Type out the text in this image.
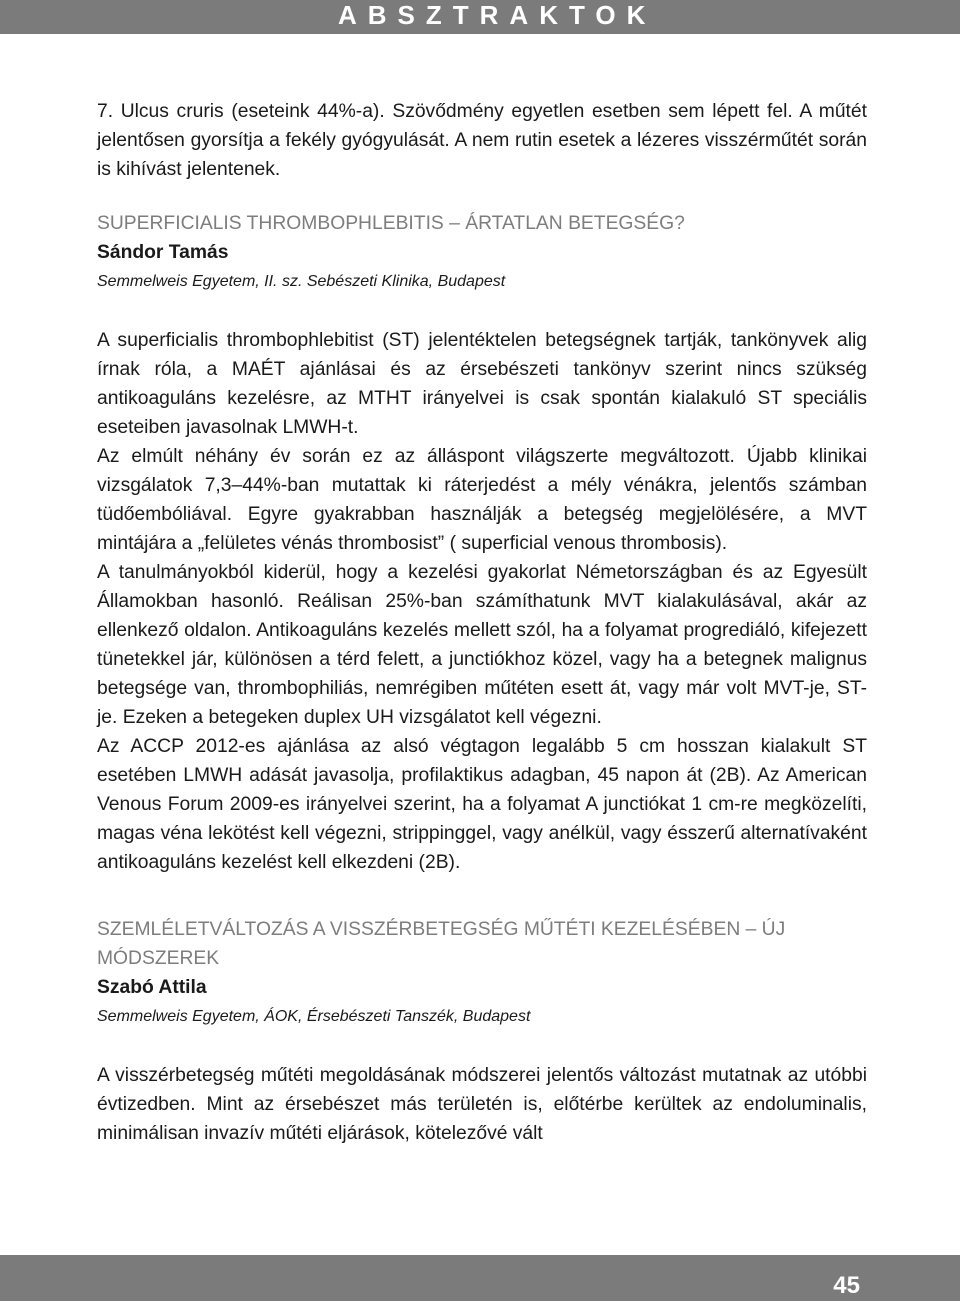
ABSZTRAKTOK

7. Ulcus cruris (eseteink 44%-a). Szövődmény egyetlen esetben sem lépett fel. A műtét jelentősen gyorsítja a fekély gyógyulását. A nem rutin esetek a lézeres visszérműtét során is kihívást jelentenek.

SUPERFICIALIS THROMBOPHLEBITIS – ÁRTATLAN BETEGSÉG?

Sándor Tamás

Semmelweis Egyetem, II. sz. Sebészeti Klinika, Budapest

A superficialis thrombophlebitist (ST) jelentéktelen betegségnek tartják, tankönyvek alig írnak róla, a MAÉT ajánlásai és az érsebészeti tankönyv szerint nincs szükség antikoaguláns kezelésre, az MTHT irányelvei is csak spontán kialakuló ST speciális eseteiben javasolnak LMWH-t.

Az elmúlt néhány év során ez az álláspont világszerte megváltozott. Újabb klinikai vizsgálatok 7,3–44%-ban mutattak ki ráterjedést a mély vénákra, jelentős számban tüdőembóliával. Egyre gyakrabban használják a betegség megjelölésére, a MVT mintájára a „felületes vénás thrombosist” ( superficial venous thrombosis).

A tanulmányokból kiderül, hogy a kezelési gyakorlat Németországban és az Egyesült Államokban hasonló. Reálisan 25%-ban számíthatunk MVT kialakulásával, akár az ellenkező oldalon. Antikoaguláns kezelés mellett szól, ha a folyamat progrediáló, kifejezett tünetekkel jár, különösen a térd felett, a junctiókhoz közel, vagy ha a betegnek malignus betegsége van, thrombophiliás, nemrégiben műtéten esett át, vagy már volt MVT-je, ST-je. Ezeken a betegeken duplex UH vizsgálatot kell végezni.

Az ACCP 2012-es ajánlása az alsó végtagon legalább 5 cm hosszan kialakult ST esetében LMWH adását javasolja, profilaktikus adagban, 45 napon át (2B). Az American Venous Forum 2009-es irányelvei szerint, ha a folyamat A junctiókat 1 cm-re megközelíti, magas véna lekötést kell végezni, strippinggel, vagy anélkül, vagy ésszerű alternatívaként antikoaguláns kezelést kell elkezdeni (2B).

SZEMLÉLETVÁLTOZÁS A VISSZÉRBETEGSÉG MŰTÉTI KEZELÉSÉBEN – ÚJ MÓDSZEREK

Szabó Attila

Semmelweis Egyetem, ÁOK, Érsebészeti Tanszék, Budapest

A visszérbetegség műtéti megoldásának módszerei jelentős változást mutatnak az utóbbi évtizedben. Mint az érsebészet más területén is, előtérbe kerültek az endoluminalis, minimálisan invazív műtéti eljárások, kötelezővé vált

45
